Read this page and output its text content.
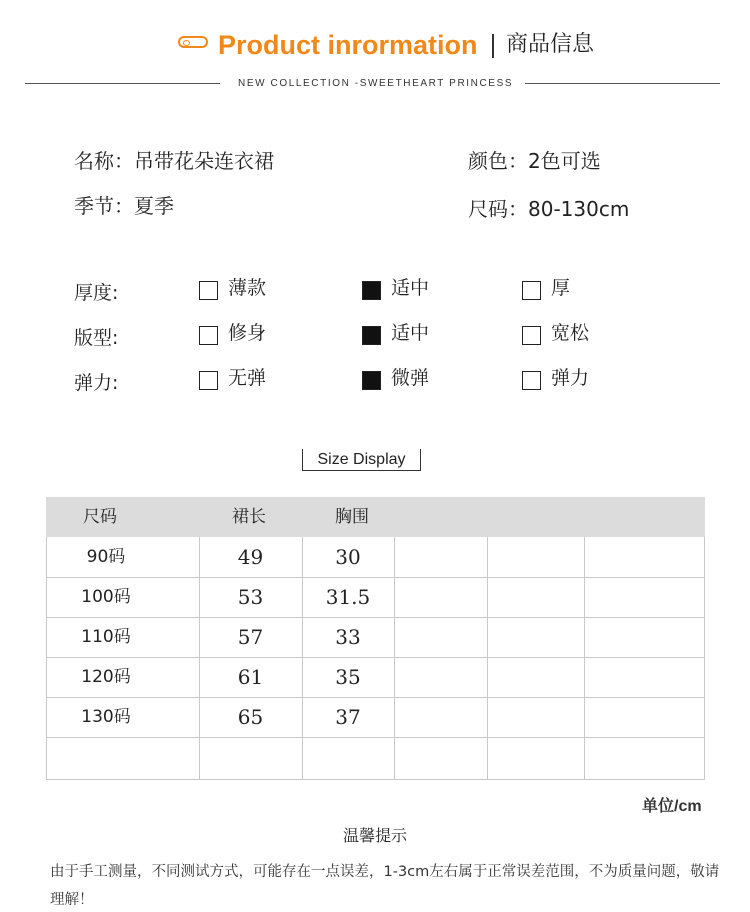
Product inrormation 商品信息
NEW COLLECTION -SWEETHEART PRINCESS
名称：吊带花朵连衣裙	颜色：2色可选
季节：夏季	尺码：80-130cm
厚度:	薄款	适中	厚
版型:	修身	适中	宽松
弹力:	无弹	微弹	弹力
Size Display
尺码	裙长	胸围
90码	49	30
100码	53	31.5
110码	57	33
120码	61	35
130码	65	37
单位/cm
温馨提示
由于手工测量，不同测试方式，可能存在一点误差，1-3cm左右属于正常误差范围，不为质量问题，敬请理解！
